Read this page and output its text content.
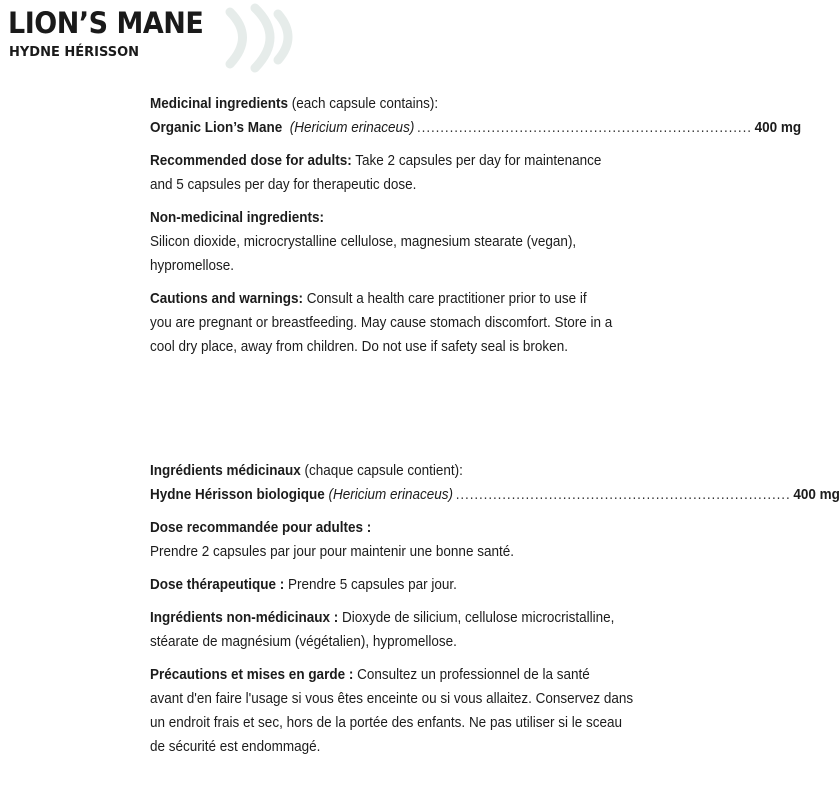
LION’S MANE
HYDNE HÉRISSON

Medicinal ingredients (each capsule contains):

Organic Lion’s Mane
(Hericium erinaceus) ........................................................................ 400 mg

Recommended dose for adults: Take 2 capsules per day for maintenance
and 5 capsules per day for therapeutic dose.

Non-medicinal ingredients:
Silicon dioxide, microcrystalline cellulose, magnesium stearate (vegan),
hypromellose.

Cautions and warnings: Consult a health care practitioner prior to use if
you are pregnant or breastfeeding. May cause stomach discomfort. Store in a
cool dry place, away from children. Do not use if safety seal is broken.

Ingrédients médicinaux (chaque capsule contient):

Hydne Hérisson biologique
(Hericium erinaceus) ........................................................................ 400 mg

Dose recommandée pour adultes :
Prendre 2 capsules par jour pour maintenir une bonne santé.

Dose thérapeutique : Prendre 5 capsules par jour.

Ingrédients non-médicinaux : Dioxyde de silicium, cellulose microcristalline,
stéarate de magnésium (végétalien), hypromellose.

Précautions et mises en garde : Consultez un professionnel de la santé
avant d'en faire l'usage si vous êtes enceinte ou si vous allaitez. Conservez dans
un endroit frais et sec, hors de la portée des enfants. Ne pas utiliser si le sceau
de sécurité est endommagé.
